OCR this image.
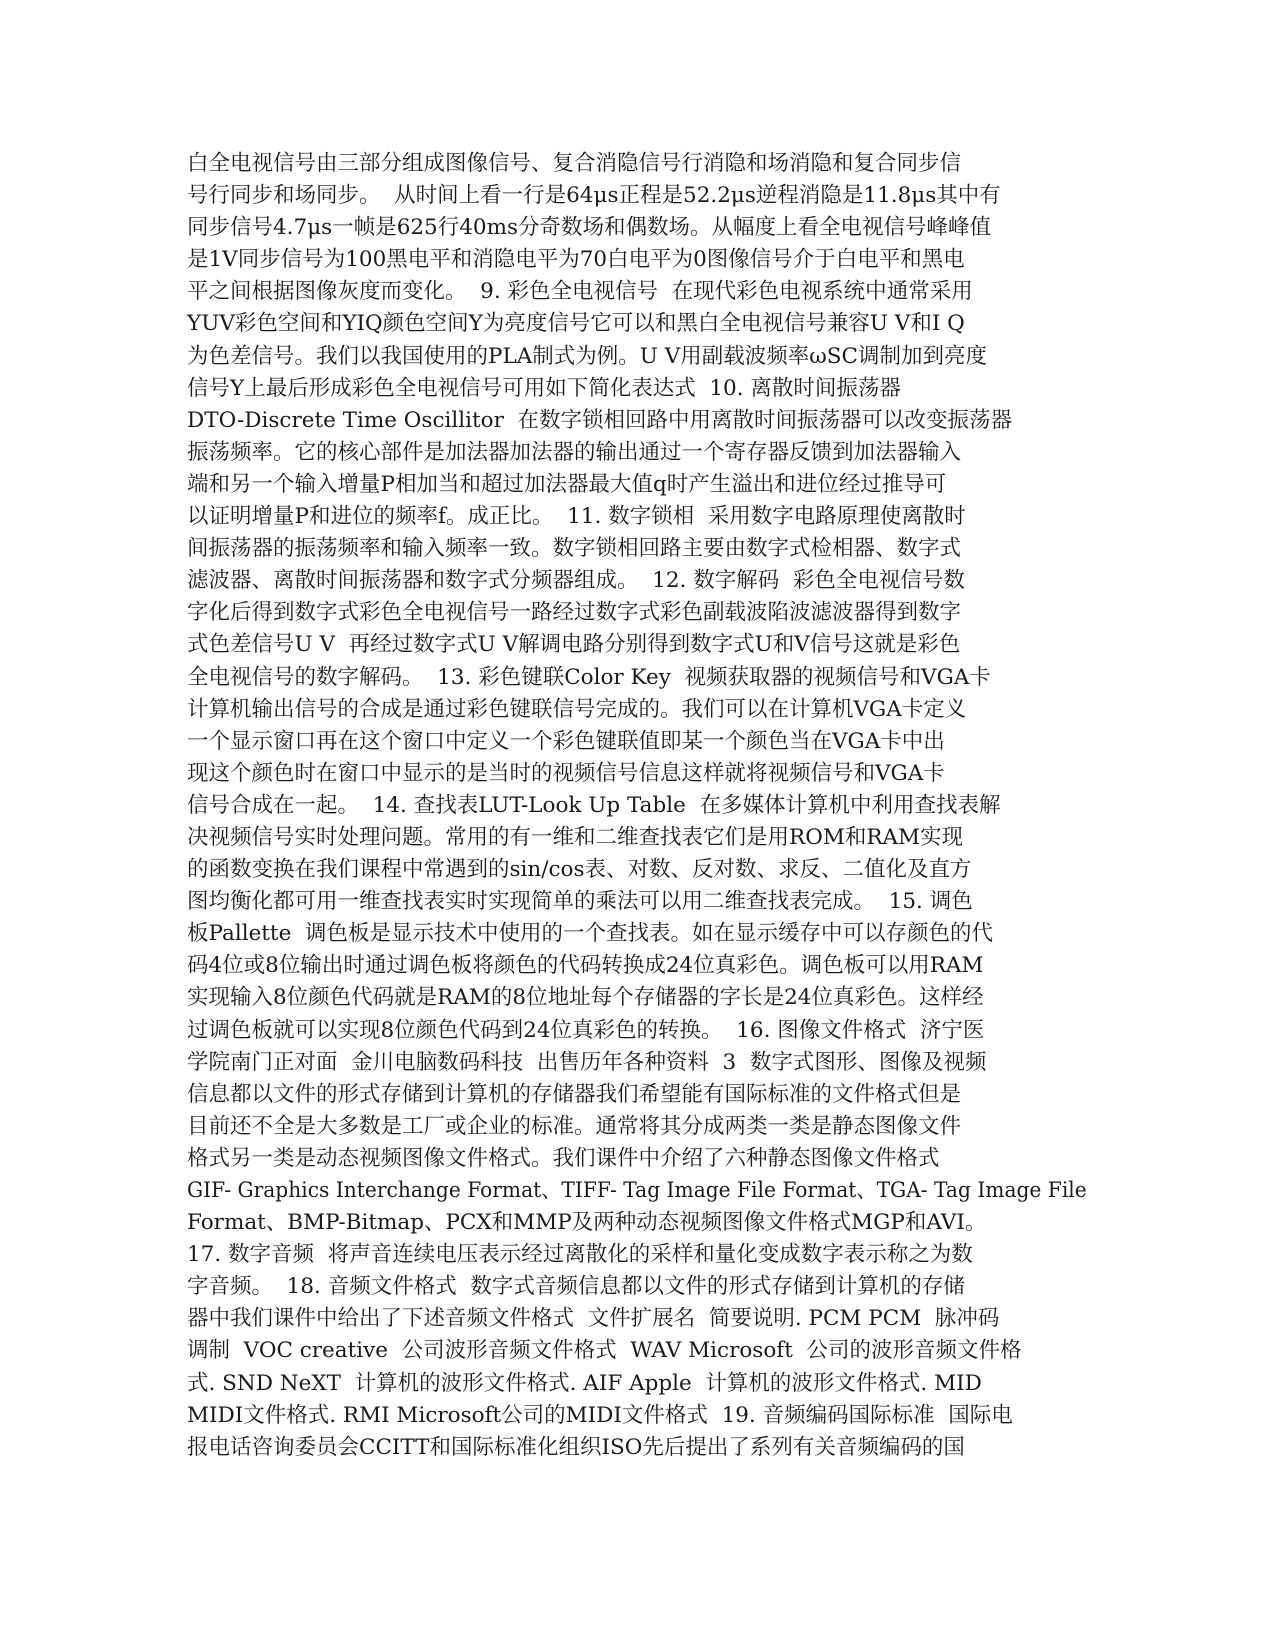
白全电视信号由三部分组成图像信号、复合消隐信号行消隐和场消隐和复合同步信
号行同步和场同步。  从时间上看一行是64μs正程是52.2μs逆程消隐是11.8μs其中有
同步信号4.7μs一帧是625行40ms分奇数场和偶数场。从幅度上看全电视信号峰峰值
是1V同步信号为100黑电平和消隐电平为70白电平为0图像信号介于白电平和黑电
平之间根据图像灰度而变化。  9. 彩色全电视信号  在现代彩色电视系统中通常采用
YUV彩色空间和YIQ颜色空间Y为亮度信号它可以和黑白全电视信号兼容U V和I Q
为色差信号。我们以我国使用的PLA制式为例。U V用副载波频率ωSC调制加到亮度
信号Y上最后形成彩色全电视信号可用如下简化表达式  10. 离散时间振荡器
DTO-Discrete Time Oscillitor  在数字锁相回路中用离散时间振荡器可以改变振荡器
振荡频率。它的核心部件是加法器加法器的输出通过一个寄存器反馈到加法器输入
端和另一个输入增量P相加当和超过加法器最大值q时产生溢出和进位经过推导可
以证明增量P和进位的频率f。成正比。  11. 数字锁相  采用数字电路原理使离散时
间振荡器的振荡频率和输入频率一致。数字锁相回路主要由数字式检相器、数字式
滤波器、离散时间振荡器和数字式分频器组成。  12. 数字解码  彩色全电视信号数
字化后得到数字式彩色全电视信号一路经过数字式彩色副载波陷波滤波器得到数字
式色差信号U V  再经过数字式U V解调电路分别得到数字式U和V信号这就是彩色
全电视信号的数字解码。  13. 彩色键联Color Key  视频获取器的视频信号和VGA卡
计算机输出信号的合成是通过彩色键联信号完成的。我们可以在计算机VGA卡定义
一个显示窗口再在这个窗口中定义一个彩色键联值即某一个颜色当在VGA卡中出
现这个颜色时在窗口中显示的是当时的视频信号信息这样就将视频信号和VGA卡
信号合成在一起。  14. 查找表LUT-Look Up Table  在多媒体计算机中利用查找表解
决视频信号实时处理问题。常用的有一维和二维查找表它们是用ROM和RAM实现
的函数变换在我们课程中常遇到的sin/cos表、对数、反对数、求反、二值化及直方
图均衡化都可用一维查找表实时实现简单的乘法可以用二维查找表完成。  15. 调色
板Pallette  调色板是显示技术中使用的一个查找表。如在显示缓存中可以存颜色的代
码4位或8位输出时通过调色板将颜色的代码转换成24位真彩色。调色板可以用RAM
实现输入8位颜色代码就是RAM的8位地址每个存储器的字长是24位真彩色。这样经
过调色板就可以实现8位颜色代码到24位真彩色的转换。  16. 图像文件格式  济宁医
学院南门正对面  金川电脑数码科技  出售历年各种资料  3  数字式图形、图像及视频
信息都以文件的形式存储到计算机的存储器我们希望能有国际标准的文件格式但是
目前还不全是大多数是工厂或企业的标准。通常将其分成两类一类是静态图像文件
格式另一类是动态视频图像文件格式。我们课件中介绍了六种静态图像文件格式
GIF- Graphics Interchange Format、TIFF- Tag Image File Format、TGA- Tag Image File
Format、BMP-Bitmap、PCX和MMP及两种动态视频图像文件格式MGP和AVI。
17. 数字音频  将声音连续电压表示经过离散化的采样和量化变成数字表示称之为数
字音频。  18. 音频文件格式  数字式音频信息都以文件的形式存储到计算机的存储
器中我们课件中给出了下述音频文件格式  文件扩展名  简要说明. PCM PCM  脉冲码
调制  VOC creative  公司波形音频文件格式  WAV Microsoft  公司的波形音频文件格
式. SND NeXT  计算机的波形文件格式. AIF Apple  计算机的波形文件格式. MID
MIDI文件格式. RMI Microsoft公司的MIDI文件格式  19. 音频编码国际标准  国际电
报电话咨询委员会CCITT和国际标准化组织ISO先后提出了系列有关音频编码的国
